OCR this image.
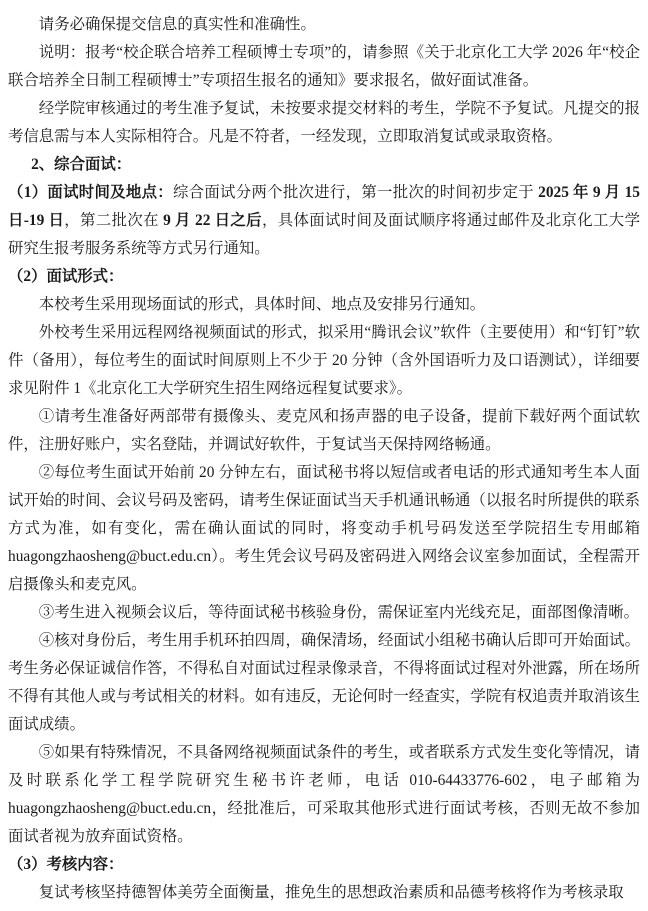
请务必确保提交信息的真实性和准确性。

说明：报考“校企联合培养工程硕博士专项”的，请参照《关于北京化工大学 2026 年“校企联合培养全日制工程硕博士”专项招生报名的通知》要求报名，做好面试准备。

经学院审核通过的考生准予复试，未按要求提交材料的考生，学院不予复试。凡提交的报考信息需与本人实际相符合。凡是不符者，一经发现，立即取消复试或录取资格。

2、综合面试：

（1）面试时间及地点：综合面试分两个批次进行，第一批次的时间初步定于 2025 年 9 月 15 日-19 日，第二批次在 9 月 22 日之后，具体面试时间及面试顺序将通过邮件及北京化工大学研究生报考服务系统等方式另行通知。

（2）面试形式：

本校考生采用现场面试的形式，具体时间、地点及安排另行通知。

外校考生采用远程网络视频面试的形式，拟采用“腾讯会议”软件（主要使用）和“钉钉”软件（备用），每位考生的面试时间原则上不少于 20 分钟（含外国语听力及口语测试），详细要求见附件 1《北京化工大学研究生招生网络远程复试要求》。

①请考生准备好两部带有摄像头、麦克风和扬声器的电子设备，提前下载好两个面试软件，注册好账户，实名登陆，并调试好软件，于复试当天保持网络畅通。

②每位考生面试开始前 20 分钟左右，面试秘书将以短信或者电话的形式通知考生本人面试开始的时间、会议号码及密码，请考生保证面试当天手机通讯畅通（以报名时所提供的联系方式为准，如有变化，需在确认面试的同时，将变动手机号码发送至学院招生专用邮箱 huagongzhaosheng@buct.edu.cn）。考生凭会议号码及密码进入网络会议室参加面试，全程需开启摄像头和麦克风。

③考生进入视频会议后，等待面试秘书核验身份，需保证室内光线充足，面部图像清晰。

④核对身份后，考生用手机环拍四周，确保清场，经面试小组秘书确认后即可开始面试。考生务必保证诚信作答，不得私自对面试过程录像录音，不得将面试过程对外泄露，所在场所不得有其他人或与考试相关的材料。如有违反，无论何时一经查实，学院有权追责并取消该生面试成绩。

⑤如果有特殊情况，不具备网络视频面试条件的考生，或者联系方式发生变化等情况，请及时联系化学工程学院研究生秘书许老师，电话 010-64433776-602，电子邮箱为 huagongzhaosheng@buct.edu.cn，经批准后，可采取其他形式进行面试考核，否则无故不参加面试者视为放弃面试资格。

（3）考核内容：

复试考核坚持德智体美劳全面衡量，推免生的思想政治素质和品德考核将作为考核录取
